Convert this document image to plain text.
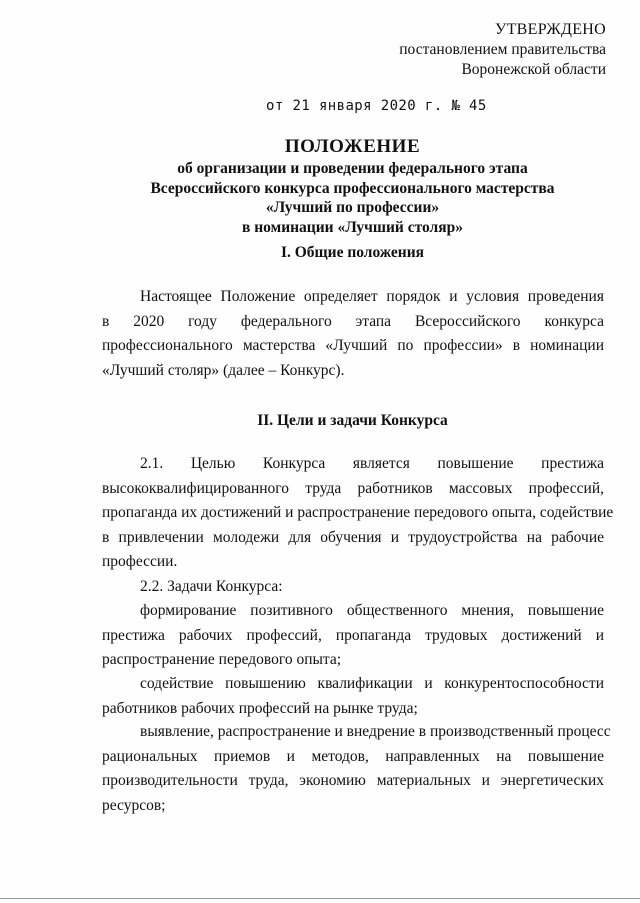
УТВЕРЖДЕНО
постановлением правительства
Воронежской области
от 21 января 2020 г. № 45
ПОЛОЖЕНИЕ
об организации и проведении федерального этапа
Всероссийского конкурса профессионального мастерства
«Лучший по профессии»
в номинации «Лучший столяр»
I. Общие положения
Настоящее Положение определяет порядок и условия проведения
в 2020 году федерального этапа Всероссийского конкурса
профессионального мастерства «Лучший по профессии» в номинации
«Лучший столяр» (далее – Конкурс).
II. Цели и задачи Конкурса
2.1. Целью Конкурса является повышение престижа
высококвалифицированного труда работников массовых профессий,
пропаганда их достижений и распространение передового опыта, содействие
в привлечении молодежи для обучения и трудоустройства на рабочие
профессии.
2.2. Задачи Конкурса:
формирование позитивного общественного мнения, повышение
престижа рабочих профессий, пропаганда трудовых достижений и
распространение передового опыта;
содействие повышению квалификации и конкурентоспособности
работников рабочих профессий на рынке труда;
выявление, распространение и внедрение в производственный процесс
рациональных приемов и методов, направленных на повышение
производительности труда, экономию материальных и энергетических
ресурсов;
